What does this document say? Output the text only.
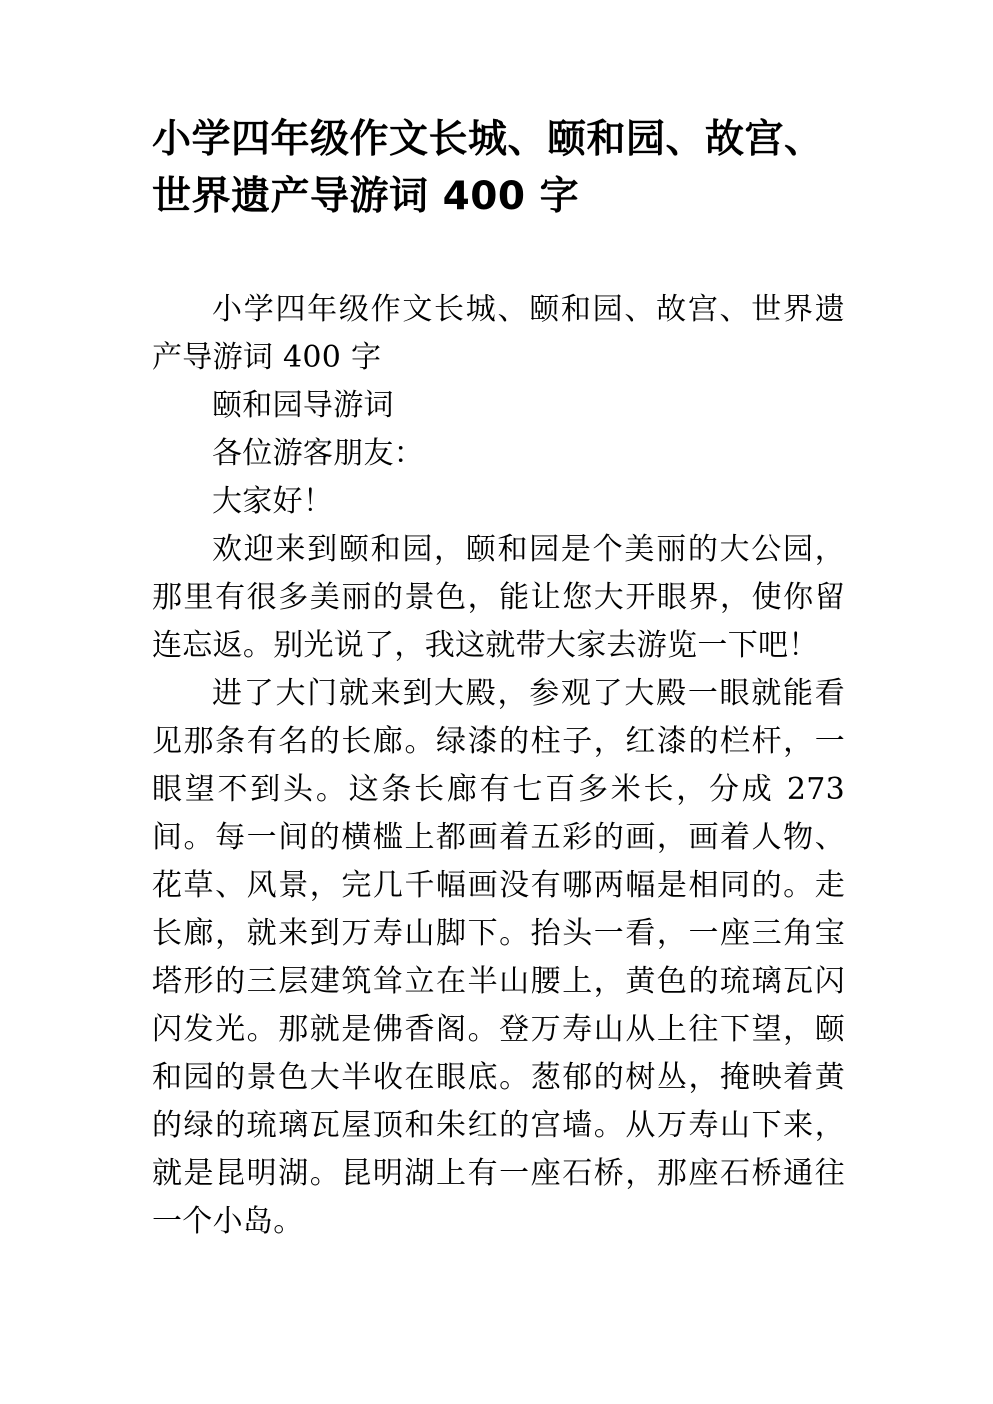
小学四年级作文长城、颐和园、故宫、世界遗产导游词 400 字

小学四年级作文长城、颐和园、故宫、世界遗产导游词 400 字

颐和园导游词

各位游客朋友：

大家好！

欢迎来到颐和园，颐和园是个美丽的大公园，那里有很多美丽的景色，能让您大开眼界，使你留连忘返。别光说了，我这就带大家去游览一下吧！

进了大门就来到大殿，参观了大殿一眼就能看见那条有名的长廊。绿漆的柱子，红漆的栏杆，一眼望不到头。这条长廊有七百多米长，分成 273 间。每一间的横槛上都画着五彩的画，画着人物、花草、风景，完几千幅画没有哪两幅是相同的。走长廊，就来到万寿山脚下。抬头一看，一座三角宝塔形的三层建筑耸立在半山腰上，黄色的琉璃瓦闪闪发光。那就是佛香阁。登万寿山从上往下望，颐和园的景色大半收在眼底。葱郁的树丛，掩映着黄的绿的琉璃瓦屋顶和朱红的宫墙。从万寿山下来，就是昆明湖。昆明湖上有一座石桥，那座石桥通往一个小岛。
